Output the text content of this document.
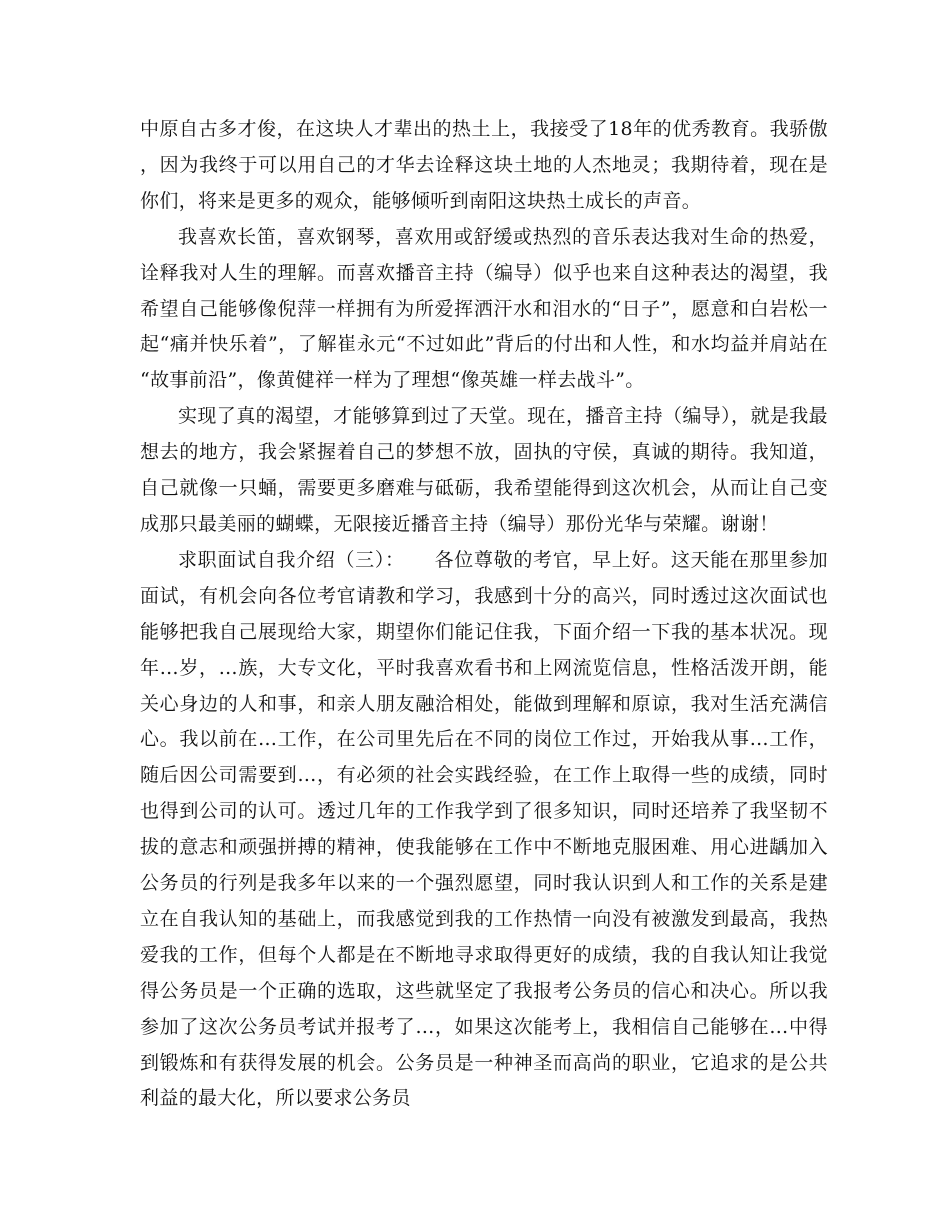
中原自古多才俊，在这块人才辈出的热土上，我接受了18年的优秀教育。我骄傲，因为我终于可以用自己的才华去诠释这块土地的人杰地灵；我期待着，现在是你们，将来是更多的观众，能够倾听到南阳这块热土成长的声音。

我喜欢长笛，喜欢钢琴，喜欢用或舒缓或热烈的音乐表达我对生命的热爱，诠释我对人生的理解。而喜欢播音主持（编导）似乎也来自这种表达的渴望，我希望自己能够像倪萍一样拥有为所爱挥洒汗水和泪水的“日子”，愿意和白岩松一起“痛并快乐着”，了解崔永元“不过如此”背后的付出和人性，和水均益并肩站在“故事前沿”，像黄健祥一样为了理想“像英雄一样去战斗”。

实现了真的渴望，才能够算到过了天堂。现在，播音主持（编导），就是我最想去的地方，我会紧握着自己的梦想不放，固执的守侯，真诚的期待。我知道，自己就像一只蛹，需要更多磨难与砥砺，我希望能得到这次机会，从而让自己变成那只最美丽的蝴蝶，无限接近播音主持（编导）那份光华与荣耀。谢谢！

求职面试自我介绍（三）：　　各位尊敬的考官，早上好。这天能在那里参加面试，有机会向各位考官请教和学习，我感到十分的高兴，同时透过这次面试也能够把我自己展现给大家，期望你们能记住我，下面介绍一下我的基本状况。现年…岁，…族，大专文化，平时我喜欢看书和上网流览信息，性格活泼开朗，能关心身边的人和事，和亲人朋友融洽相处，能做到理解和原谅，我对生活充满信心。我以前在…工作，在公司里先后在不同的岗位工作过，开始我从事…工作，随后因公司需要到…，有必须的社会实践经验，在工作上取得一些的成绩，同时也得到公司的认可。透过几年的工作我学到了很多知识，同时还培养了我坚韧不拔的意志和顽强拼搏的精神，使我能够在工作中不断地克服困难、用心进龋加入公务员的行列是我多年以来的一个强烈愿望，同时我认识到人和工作的关系是建立在自我认知的基础上，而我感觉到我的工作热情一向没有被激发到最高，我热爱我的工作，但每个人都是在不断地寻求取得更好的成绩，我的自我认知让我觉得公务员是一个正确的选取，这些就坚定了我报考公务员的信心和决心。所以我参加了这次公务员考试并报考了…，如果这次能考上，我相信自己能够在…中得到锻炼和有获得发展的机会。公务员是一种神圣而高尚的职业，它追求的是公共利益的最大化，所以要求公务员
